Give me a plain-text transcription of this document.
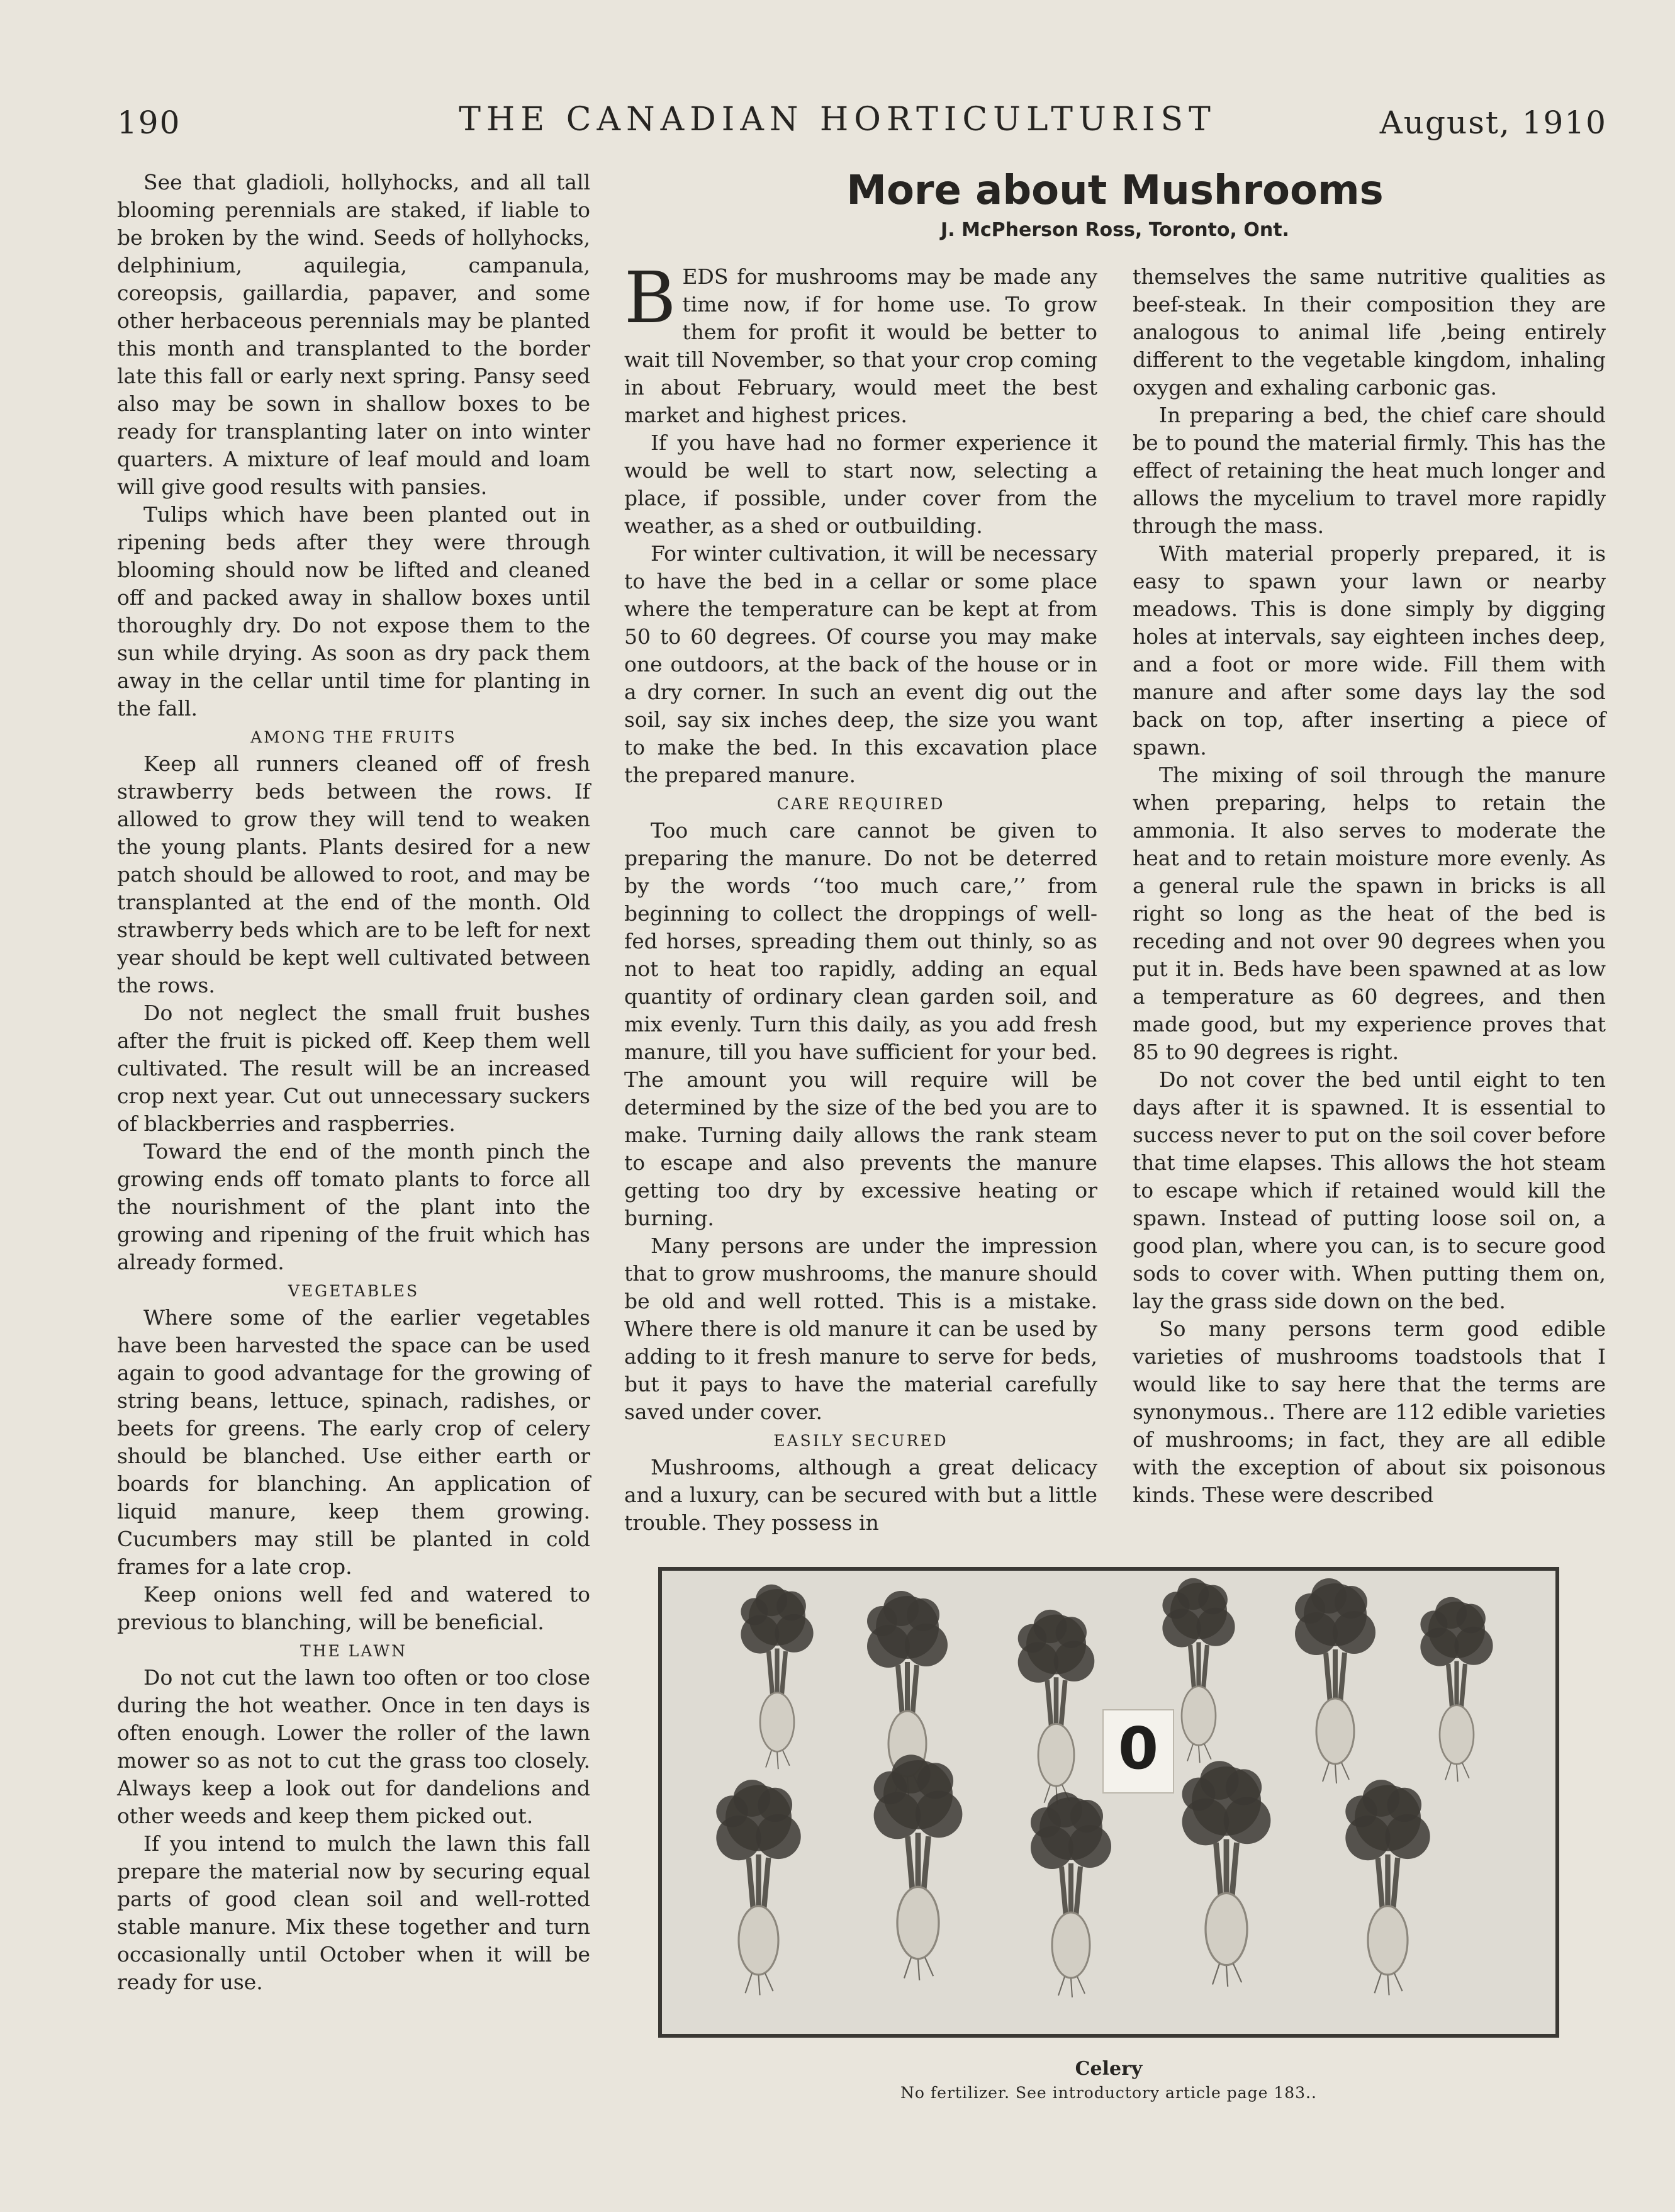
190	THE CANADIAN HORTICULTURIST	August, 1910

See that gladioli, hollyhocks, and all tall blooming perennials are staked, if liable to be broken by the wind. Seeds of hollyhocks, delphinium, aquilegia, campanula, coreopsis, gaillardia, papaver, and some other herbaceous perennials may be planted this month and transplanted to the border late this fall or early next spring. Pansy seed also may be sown in shallow boxes to be ready for transplanting later on into winter quarters. A mixture of leaf mould and loam will give good results with pansies.

Tulips which have been planted out in ripening beds after they were through blooming should now be lifted and cleaned off and packed away in shallow boxes until thoroughly dry. Do not expose them to the sun while drying. As soon as dry pack them away in the cellar until time for planting in the fall.

AMONG THE FRUITS

Keep all runners cleaned off of fresh strawberry beds between the rows. If allowed to grow they will tend to weaken the young plants. Plants desired for a new patch should be allowed to root, and may be transplanted at the end of the month. Old strawberry beds which are to be left for next year should be kept well cultivated between the rows.

Do not neglect the small fruit bushes after the fruit is picked off. Keep them well cultivated. The result will be an increased crop next year. Cut out unnecessary suckers of blackberries and raspberries.

Toward the end of the month pinch the growing ends off tomato plants to force all the nourishment of the plant into the growing and ripening of the fruit which has already formed.

VEGETABLES

Where some of the earlier vegetables have been harvested the space can be used again to good advantage for the growing of string beans, lettuce, spinach, radishes, or beets for greens. The early crop of celery should be blanched. Use either earth or boards for blanching. An application of liquid manure, keep them growing. Cucumbers may still be planted in cold frames for a late crop.

Keep onions well fed and watered to previous to blanching, will be beneficial.

THE LAWN

Do not cut the lawn too often or too close during the hot weather. Once in ten days is often enough. Lower the roller of the lawn mower so as not to cut the grass too closely. Always keep a look out for dandelions and other weeds and keep them picked out.

If you intend to mulch the lawn this fall prepare the material now by securing equal parts of good clean soil and well-rotted stable manure. Mix these together and turn occasionally until October when it will be ready for use.

More about Mushrooms
J. McPherson Ross, Toronto, Ont.

B EDS for mushrooms may be made any time now, if for home use. To grow them for profit it would be better to wait till November, so that your crop coming in about February, would meet the best market and highest prices.

If you have had no former experience it would be well to start now, selecting a place, if possible, under cover from the weather, as a shed or outbuilding.

For winter cultivation, it will be necessary to have the bed in a cellar or some place where the temperature can be kept at from 50 to 60 degrees. Of course you may make one outdoors, at the back of the house or in a dry corner. In such an event dig out the soil, say six inches deep, the size you want to make the bed. In this excavation place the prepared manure.

CARE REQUIRED

Too much care cannot be given to preparing the manure. Do not be deterred by the words ‘‘too much care,’’ from beginning to collect the droppings of well-fed horses, spreading them out thinly, so as not to heat too rapidly, adding an equal quantity of ordinary clean garden soil, and mix evenly. Turn this daily, as you add fresh manure, till you have sufficient for your bed. The amount you will require will be determined by the size of the bed you are to make. Turning daily allows the rank steam to escape and also prevents the manure getting too dry by excessive heating or burning.

Many persons are under the impression that to grow mushrooms, the manure should be old and well rotted. This is a mistake. Where there is old manure it can be used by adding to it fresh manure to serve for beds, but it pays to have the material carefully saved under cover.

EASILY SECURED

Mushrooms, although a great delicacy and a luxury, can be secured with but a little trouble. They possess in

themselves the same nutritive qualities as beef-steak. In their composition they are analogous to animal life ,being entirely different to the vegetable kingdom, inhaling oxygen and exhaling carbonic gas.

In preparing a bed, the chief care should be to pound the material firmly. This has the effect of retaining the heat much longer and allows the mycelium to travel more rapidly through the mass.

With material properly prepared, it is easy to spawn your lawn or nearby meadows. This is done simply by digging holes at intervals, say eighteen inches deep, and a foot or more wide. Fill them with manure and after some days lay the sod back on top, after inserting a piece of spawn.

The mixing of soil through the manure when preparing, helps to retain the ammonia. It also serves to moderate the heat and to retain moisture more evenly. As a general rule the spawn in bricks is all right so long as the heat of the bed is receding and not over 90 degrees when you put it in. Beds have been spawned at as low a temperature as 60 degrees, and then made good, but my experience proves that 85 to 90 degrees is right.

Do not cover the bed until eight to ten days after it is spawned. It is essential to success never to put on the soil cover before that time elapses. This allows the hot steam to escape which if retained would kill the spawn. Instead of putting loose soil on, a good plan, where you can, is to secure good sods to cover with. When putting them on, lay the grass side down on the bed.

So many persons term good edible varieties of mushrooms toadstools that I would like to say here that the terms are synonymous.. There are 112 edible varieties of mushrooms; in fact, they are all edible with the exception of about six poisonous kinds. These were described

0
Celery
No fertilizer. See introductory article page 183..
